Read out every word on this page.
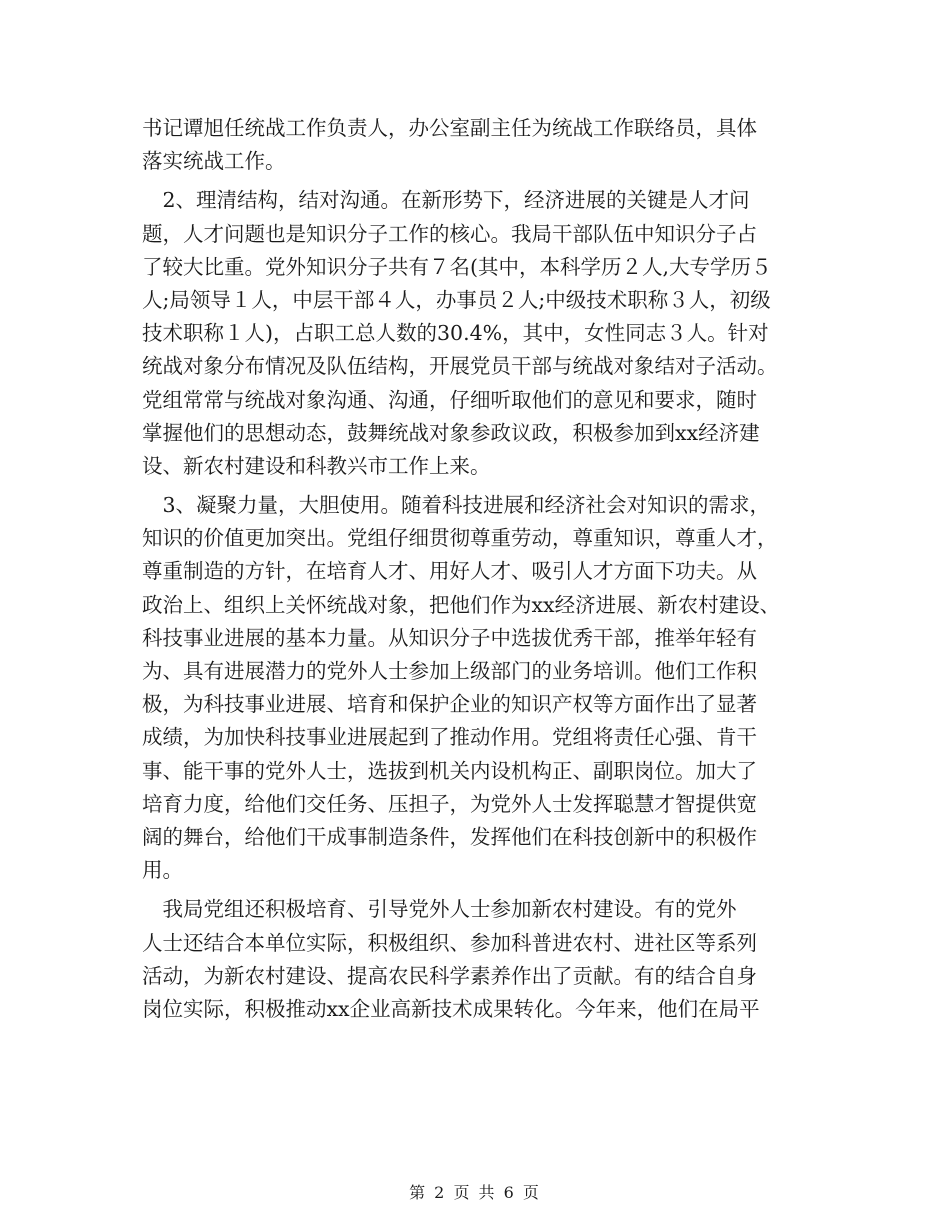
书记谭旭任统战工作负责人，办公室副主任为统战工作联络员，具体
落实统战工作。
　2、理清结构，结对沟通。在新形势下，经济进展的关键是人才问
题，人才问题也是知识分子工作的核心。我局干部队伍中知识分子占
了较大比重。党外知识分子共有７名(其中，本科学历２人,大专学历５
人;局领导１人，中层干部４人，办事员２人;中级技术职称３人，初级
技术职称１人)，占职工总人数的30.4%，其中，女性同志３人。针对
统战对象分布情况及队伍结构，开展党员干部与统战对象结对子活动。
党组常常与统战对象沟通、沟通，仔细听取他们的意见和要求，随时
掌握他们的思想动态，鼓舞统战对象参政议政，积极参加到xx经济建
设、新农村建设和科教兴市工作上来。
　3、凝聚力量，大胆使用。随着科技进展和经济社会对知识的需求，
知识的价值更加突出。党组仔细贯彻尊重劳动，尊重知识，尊重人才，
尊重制造的方针，在培育人才、用好人才、吸引人才方面下功夫。从
政治上、组织上关怀统战对象，把他们作为xx经济进展、新农村建设、
科技事业进展的基本力量。从知识分子中选拔优秀干部，推举年轻有
为、具有进展潜力的党外人士参加上级部门的业务培训。他们工作积
极，为科技事业进展、培育和保护企业的知识产权等方面作出了显著
成绩，为加快科技事业进展起到了推动作用。党组将责任心强、肯干
事、能干事的党外人士，选拔到机关内设机构正、副职岗位。加大了
培育力度，给他们交任务、压担子，为党外人士发挥聪慧才智提供宽
阔的舞台，给他们干成事制造条件，发挥他们在科技创新中的积极作
用。
　我局党组还积极培育、引导党外人士参加新农村建设。有的党外
人士还结合本单位实际，积极组织、参加科普进农村、进社区等系列
活动，为新农村建设、提高农民科学素养作出了贡献。有的结合自身
岗位实际，积极推动xx企业高新技术成果转化。今年来，他们在局平
第 2 页 共 6 页
